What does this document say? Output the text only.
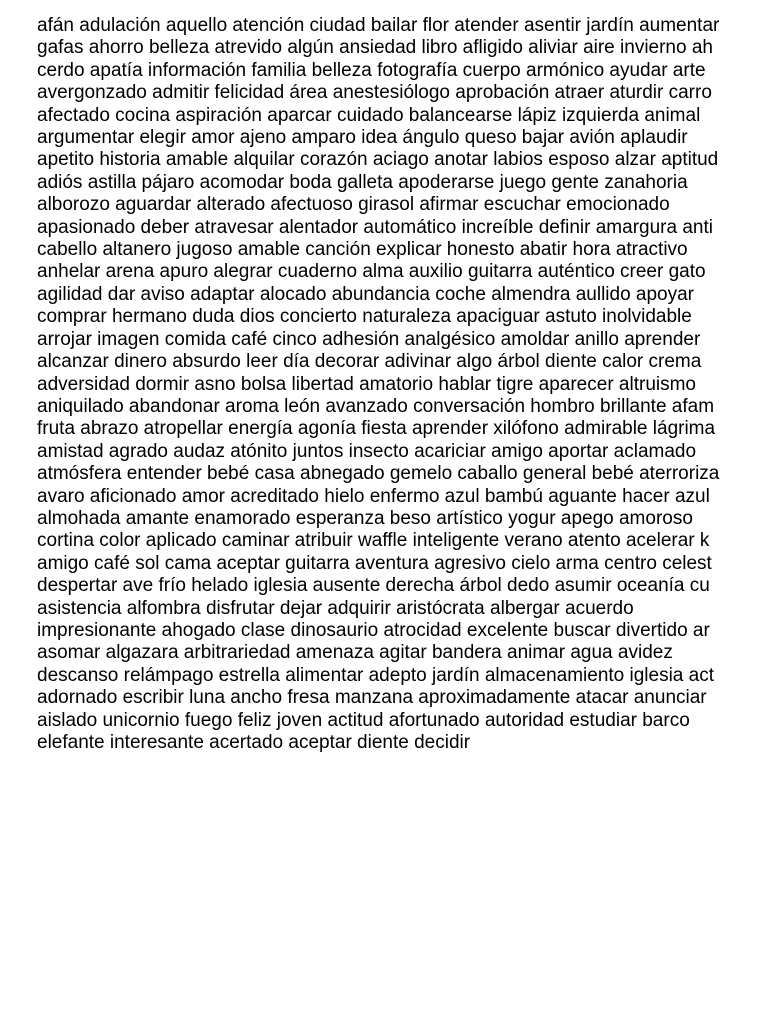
afán adulación aquello atención ciudad bailar flor atender asentir jardín aumentar
gafas ahorro belleza atrevido algún ansiedad libro afligido aliviar aire invierno ah
cerdo apatía información familia belleza fotografía cuerpo armónico ayudar arte
avergonzado admitir felicidad área anestesiólogo aprobación atraer aturdir carro
afectado cocina aspiración aparcar cuidado balancearse lápiz izquierda animal
argumentar elegir amor ajeno amparo idea ángulo queso bajar avión aplaudir
apetito historia amable alquilar corazón aciago anotar labios esposo alzar aptitud
adiós astilla pájaro acomodar boda galleta apoderarse juego gente zanahoria
alborozo aguardar alterado afectuoso girasol afirmar escuchar emocionado
apasionado deber atravesar alentador automático increíble definir amargura anti
cabello altanero jugoso amable canción explicar honesto abatir hora atractivo
anhelar arena apuro alegrar cuaderno alma auxilio guitarra auténtico creer gato
agilidad dar aviso adaptar alocado abundancia coche almendra aullido apoyar
comprar hermano duda dios concierto naturaleza apaciguar astuto inolvidable
arrojar imagen comida café cinco adhesión analgésico amoldar anillo aprender
alcanzar dinero absurdo leer día decorar adivinar algo árbol diente calor crema
adversidad dormir asno bolsa libertad amatorio hablar tigre aparecer altruismo
aniquilado abandonar aroma león avanzado conversación hombro brillante afam
fruta abrazo atropellar energía agonía fiesta aprender xilófono admirable lágrima
amistad agrado audaz atónito juntos insecto acariciar amigo aportar aclamado
atmósfera entender bebé casa abnegado gemelo caballo general bebé aterroriza
avaro aficionado amor acreditado hielo enfermo azul bambú aguante hacer azul
almohada amante enamorado esperanza beso artístico yogur apego amoroso
cortina color aplicado caminar atribuir waffle inteligente verano atento acelerar k
amigo café sol cama aceptar guitarra aventura agresivo cielo arma centro celest
despertar ave frío helado iglesia ausente derecha árbol dedo asumir oceanía cu
asistencia alfombra disfrutar dejar adquirir aristócrata albergar acuerdo
impresionante ahogado clase dinosaurio atrocidad excelente buscar divertido ar
asomar algazara arbitrariedad amenaza agitar bandera animar agua avidez
descanso relámpago estrella alimentar adepto jardín almacenamiento iglesia act
adornado escribir luna ancho fresa manzana aproximadamente atacar anunciar
aislado unicornio fuego feliz joven actitud afortunado autoridad estudiar barco
elefante interesante acertado aceptar diente decidir
